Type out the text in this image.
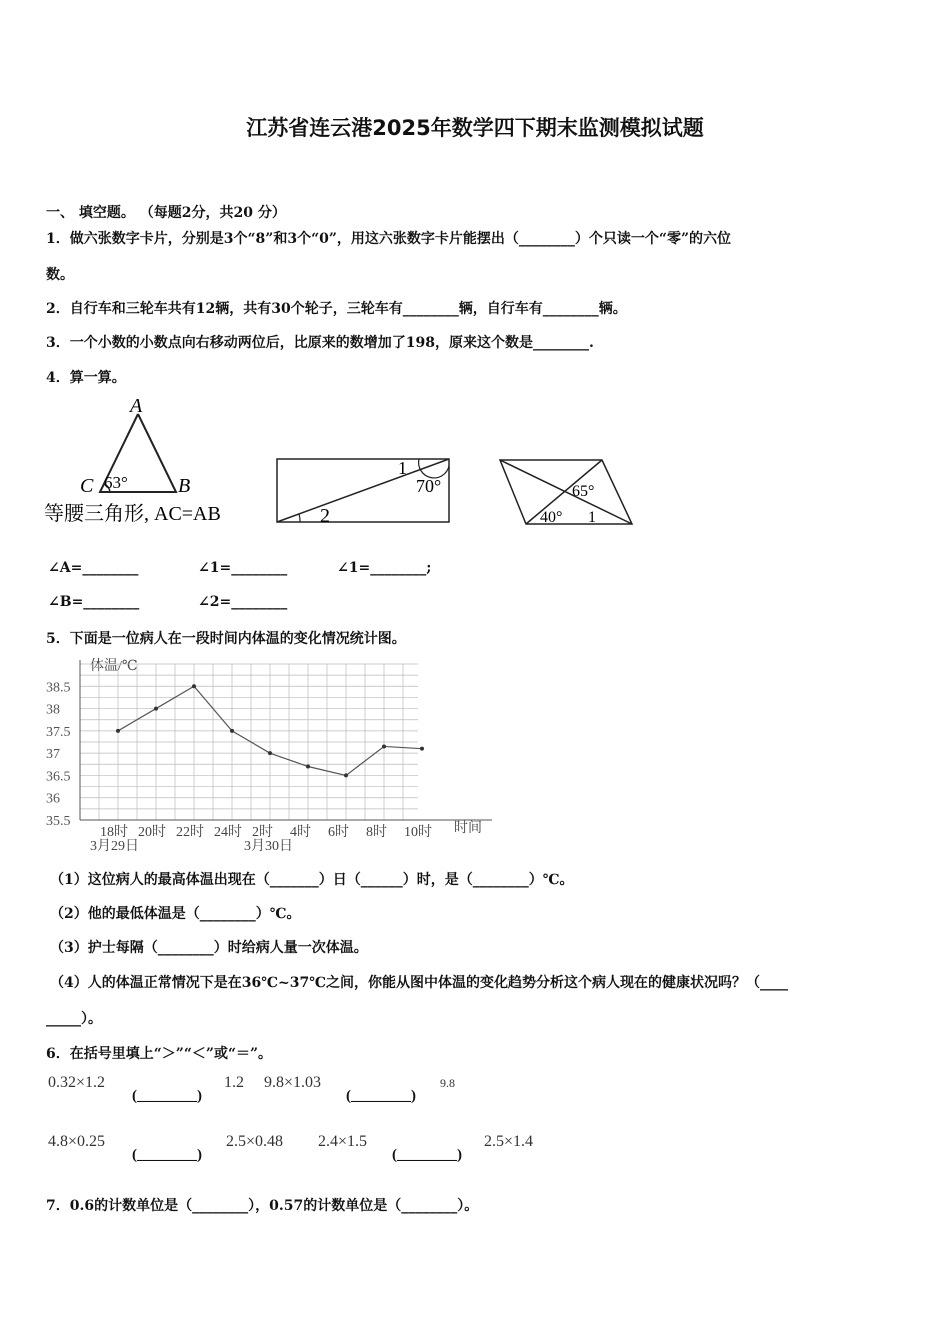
江苏省连云港2025年数学四下期末监测模拟试题
一、 填空题。 （每题2分，共20 分）
1．做六张数字卡片，分别是3个“8”和3个“0”，用这六张数字卡片能摆出（________）个只读一个“零”的六位
数。
2．自行车和三轮车共有12辆，共有30个轮子，三轮车有________辆，自行车有________辆。
3．一个小数的小数点向右移动两位后，比原来的数增加了198，原来这个数是________.
4．算一算。
A
C	B
63°
等腰三角形, AC=AB
1
70°
2
65°
40° 1
∠A=________
∠B=________
∠1=________
∠2=________
∠1=________;
5．下面是一位病人在一段时间内体温的变化情况统计图。
体温/℃
时间
3月29日	3月30日
38.5
38
37.5
37
36.5
36
35.5
18时 20时 22时 24时 2时 4时 6时 8时 10时
（1）这位病人的最高体温出现在（_______）日（______）时，是（________）℃。
（2）他的最低体温是（________）℃。
（3）护士每隔（________）时给病人量一次体温。
（4）人的体温正常情况下是在36℃~37℃之间，你能从图中体温的变化趋势分析这个病人现在的健康状况吗？（____
_____）。
6．在括号里填上“＞”“＜”或“＝”。
0.32×1.2
(________)
1.2 9.8×1.03
(________)
9.8
4.8×0.25
(________)
2.5×0.48 2.4×1.5
(________)
2.5×1.4
7．0.6的计数单位是（________），0.57的计数单位是（________）。
